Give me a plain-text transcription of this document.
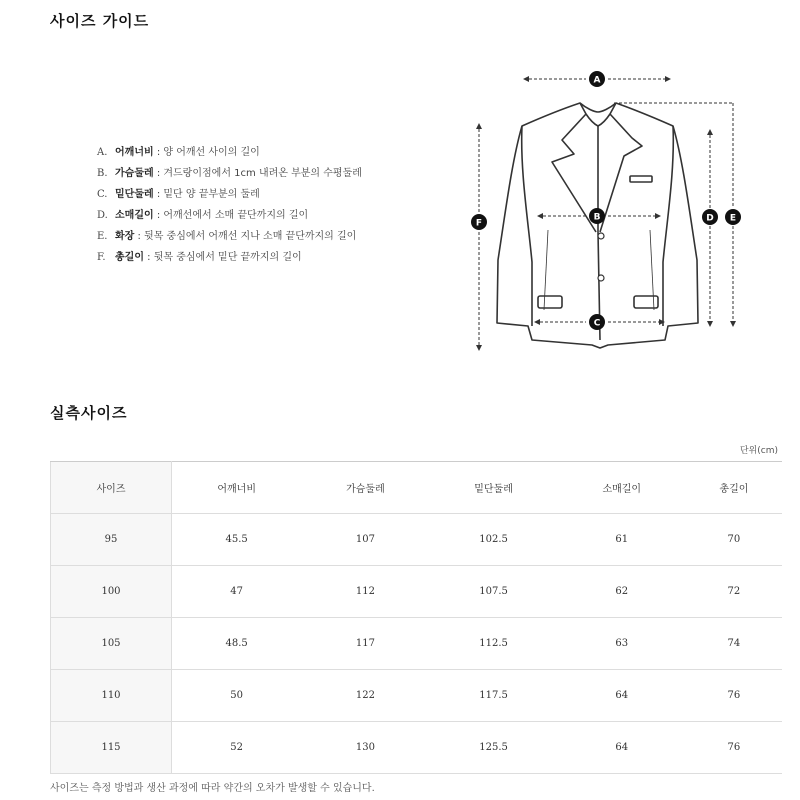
사이즈 가이드
A. 어깨너비 : 양 어깨선 사이의 길이
B. 가슴둘레 : 겨드랑이점에서 1cm 내려온 부분의 수평둘레
C. 밑단둘레 : 밑단 양 끝부분의 둘레
D. 소매길이 : 어깨선에서 소매 끝단까지의 길이
E. 화장 : 뒷목 중심에서 어깨선 지나 소매 끝단까지의 길이
F. 총길이 : 뒷목 중심에서 밑단 끝까지의 길이
A
B
C
D E
F
실측사이즈
단위(cm)
사이즈	어깨너비	가슴둘레	밑단둘레	소매길이	총길이
95	45.5	107	102.5	61	70
100	47	112	107.5	62	72
105	48.5	117	112.5	63	74
110	50	122	117.5	64	76
115	52	130	125.5	64	76
사이즈는 측정 방법과 생산 과정에 따라 약간의 오차가 발생할 수 있습니다.
